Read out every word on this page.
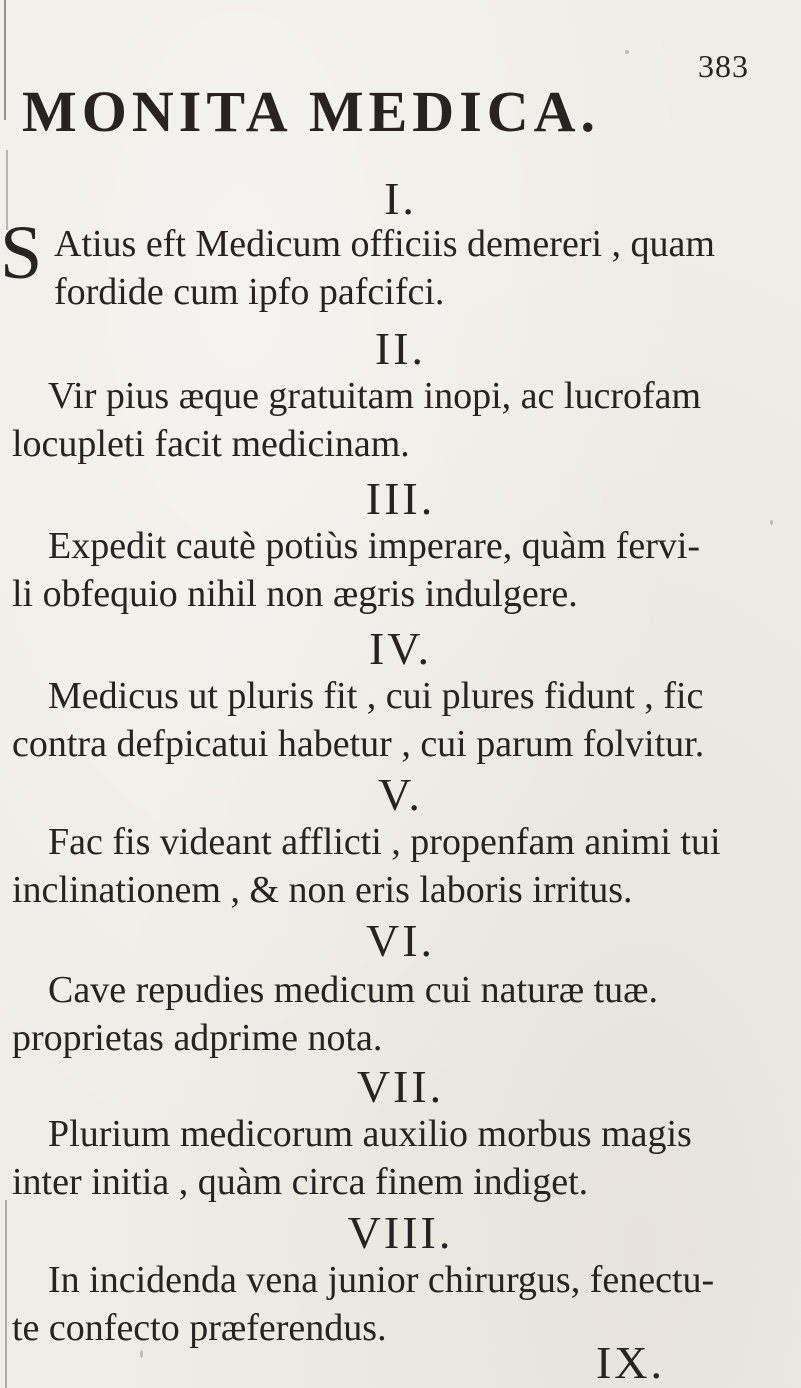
383
MONITA MEDICA.
I.
S Atius eft Medicum officiis demereri , quam
fordide cum ipfo pafcifci.
II.
Vir pius æque gratuitam inopi, ac lucrofam
locupleti facit medicinam.
III.
Expedit cautè potiùs imperare, quàm fervi-
li obfequio nihil non ægris indulgere.
IV.
Medicus ut pluris fit , cui plures fidunt , fic
contra defpicatui habetur , cui parum folvitur.
V.
Fac fis videant afflicti , propenfam animi tui
inclinationem , & non eris laboris irritus.
VI.
Cave repudies medicum cui naturæ tuæ.
proprietas adprime nota.
VII.
Plurium medicorum auxilio morbus magis
inter initia , quàm circa finem indiget.
VIII.
In incidenda vena junior chirurgus, fenectu-
te confecto præferendus.
IX.
